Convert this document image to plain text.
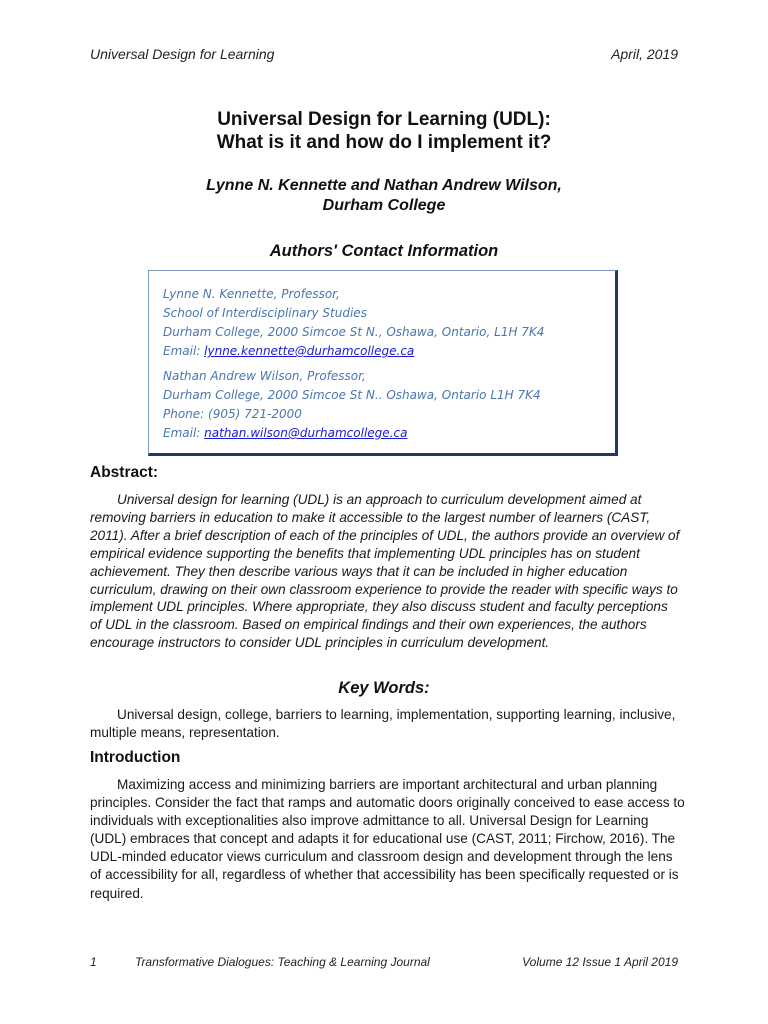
Universal Design for Learning	April, 2019
Universal Design for Learning (UDL):
What is it and how do I implement it?
Lynne N. Kennette and Nathan Andrew Wilson,
Durham College
Authors' Contact Information
Lynne N. Kennette, Professor,
School of Interdisciplinary Studies
Durham College, 2000 Simcoe St N., Oshawa, Ontario, L1H 7K4
Email: lynne.kennette@durhamcollege.ca
Nathan Andrew Wilson, Professor,
Durham College, 2000 Simcoe St N.. Oshawa, Ontario L1H 7K4
Phone: (905) 721-2000
Email: nathan.wilson@durhamcollege.ca
Abstract:

Universal design for learning (UDL) is an approach to curriculum development aimed at removing barriers in education to make it accessible to the largest number of learners (CAST, 2011). After a brief description of each of the principles of UDL, the authors provide an overview of empirical evidence supporting the benefits that implementing UDL principles has on student achievement. They then describe various ways that it can be included in higher education curriculum, drawing on their own classroom experience to provide the reader with specific ways to implement UDL principles. Where appropriate, they also discuss student and faculty perceptions of UDL in the classroom. Based on empirical findings and their own experiences, the authors encourage instructors to consider UDL principles in curriculum development.

Key Words:

Universal design, college, barriers to learning, implementation, supporting learning, inclusive, multiple means, representation.

Introduction

Maximizing access and minimizing barriers are important architectural and urban planning principles. Consider the fact that ramps and automatic doors originally conceived to ease access to individuals with exceptionalities also improve admittance to all. Universal Design for Learning (UDL) embraces that concept and adapts it for educational use (CAST, 2011; Firchow, 2016). The UDL-minded educator views curriculum and classroom design and development through the lens of accessibility for all, regardless of whether that accessibility has been specifically requested or is required.

1	Transformative Dialogues: Teaching & Learning Journal	Volume 12 Issue 1 April 2019
